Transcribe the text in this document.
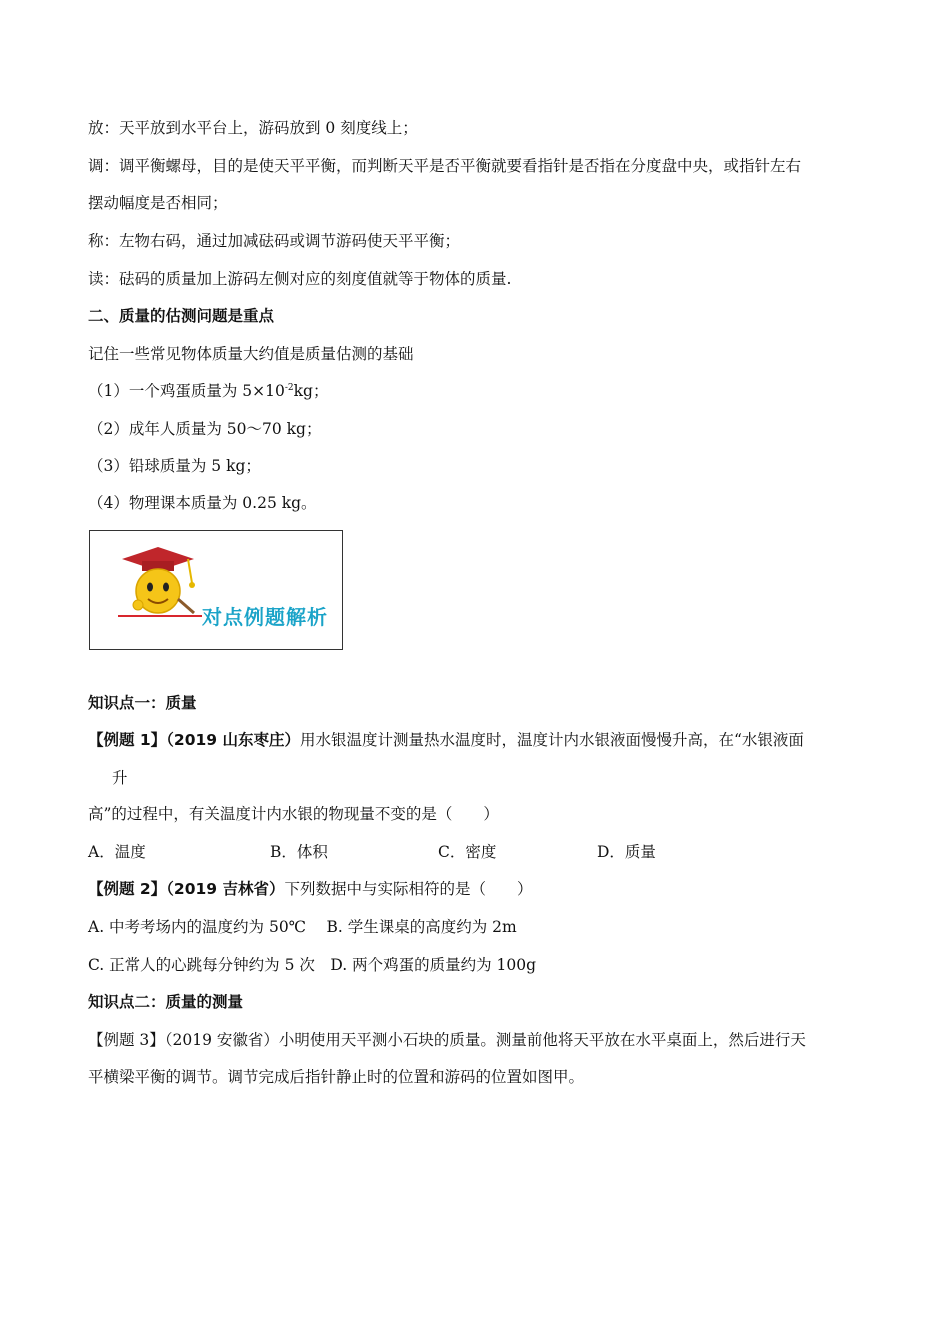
放：天平放到水平台上，游码放到 0 刻度线上；
调：调平衡螺母，目的是使天平平衡，而判断天平是否平衡就要看指针是否指在分度盘中央，或指针左右
摆动幅度是否相同；
称：左物右码，通过加减砝码或调节游码使天平平衡；
读：砝码的质量加上游码左侧对应的刻度值就等于物体的质量.
二、质量的估测问题是重点
记住一些常见物体质量大约值是质量估测的基础
（1）一个鸡蛋质量为 $5\times 10^{-2}kg$；
（2）成年人质量为 50～70 kg；
（3）铅球质量为 5 kg；
（4）物理课本质量为 0.25 kg。
对点例题解析
知识点一：质量
【例题 1】（2019 山东枣庄）用水银温度计测量热水温度时，温度计内水银液面慢慢升高，在“水银液面
升
高”的过程中，有关温度计内水银的物现量不变的是（　　）
A．温度	B．体积	C．密度	D．质量
【例题 2】（2019 吉林省）下列数据中与实际相符的是（　　）
A. 中考考场内的温度约为 50℃　 B. 学生课桌的高度约为 2m
C. 正常人的心跳每分钟约为 5 次　D. 两个鸡蛋的质量约为 100g
知识点二：质量的测量
【例题 3】（2019 安徽省）小明使用天平测小石块的质量。测量前他将天平放在水平桌面上，然后进行天
平横梁平衡的调节。调节完成后指针静止时的位置和游码的位置如图甲。
